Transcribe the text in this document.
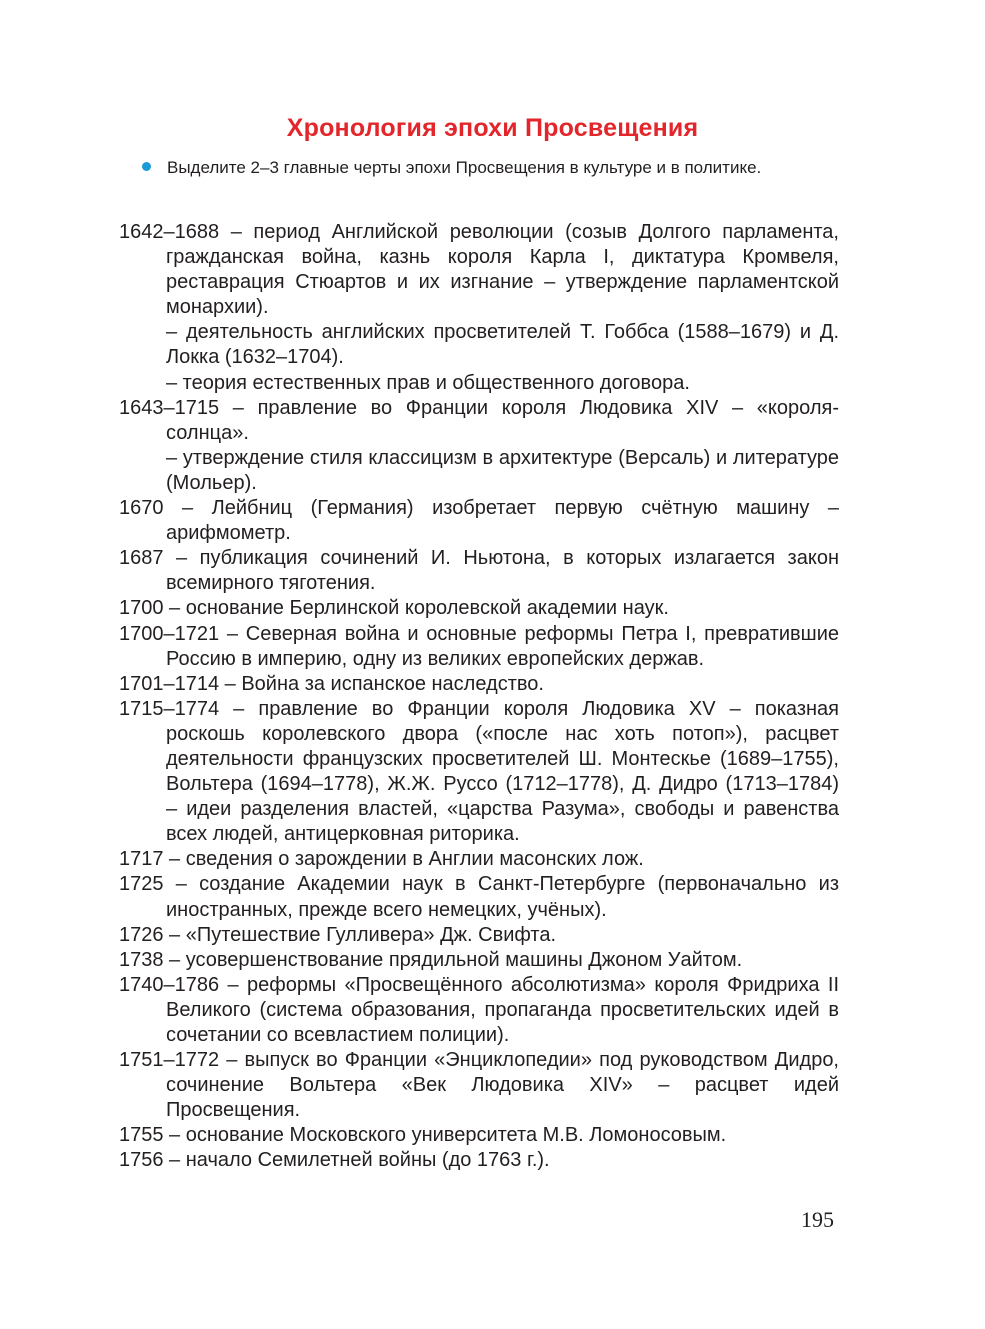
Хронология эпохи Просвещения
Выделите 2–3 главные черты эпохи Просвещения в культуре и в политике.

1642–1688 – период Английской революции (созыв Долгого парламента, гражданская война, казнь короля Карла I, диктатура Кромвеля, реставрация Стюартов и их изгнание – утверждение парламентской монархии).

– деятельность английских просветителей Т. Гоббса (1588–1679) и Д. Локка (1632–1704).

– теория естественных прав и общественного договора.

1643–1715 – правление во Франции короля Людовика XIV – «короля-солнца».

– утверждение стиля классицизм в архитектуре (Версаль) и литературе (Мольер).

1670 – Лейбниц (Германия) изобретает первую счётную машину – арифмометр.

1687 – публикация сочинений И. Ньютона, в которых излагается закон всемирного тяготения.

1700 – основание Берлинской королевской академии наук.

1700–1721 – Северная война и основные реформы Петра I, превратившие Россию в империю, одну из великих европейских держав.

1701–1714 – Война за испанское наследство.

1715–1774 – правление во Франции короля Людовика XV – показная роскошь королевского двора («после нас хоть потоп»), расцвет деятельности французских просветителей Ш. Монтескье (1689–1755), Вольтера (1694–1778), Ж.Ж. Руссо (1712–1778), Д. Дидро (1713–1784) – идеи разделения властей, «царства Разума», свободы и равенства всех людей, антицерковная риторика.

1717 – сведения о зарождении в Англии масонских лож.

1725 – создание Академии наук в Санкт-Петербурге (первоначально из иностранных, прежде всего немецких, учёных).

1726 – «Путешествие Гулливера» Дж. Свифта.

1738 – усовершенствование прядильной машины Джоном Уайтом.

1740–1786 – реформы «Просвещённого абсолютизма» короля Фридриха II Великого (система образования, пропаганда просветительских идей в сочетании со всевластием полиции).

1751–1772 – выпуск во Франции «Энциклопедии» под руководством Дидро, сочинение Вольтера «Век Людовика XIV» – расцвет идей Просвещения.

1755 – основание Московского университета М.В. Ломоносовым.

1756 – начало Семилетней войны (до 1763 г.).

195
